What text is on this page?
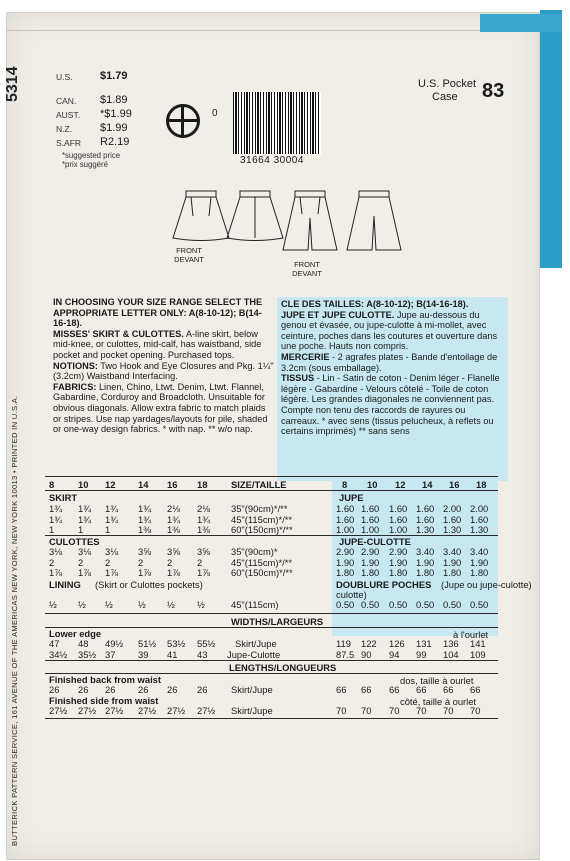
5314
BUTTERICK PATTERN SERVICE, 161 AVENUE OF THE AMERICAS NEW YORK, NEW YORK 10013 • PRINTED IN U.S.A.
U.S. $1.79
CAN. $1.89
AUST. *$1.99
N.Z.	$1.99
S.AFR R2.19
*suggested price
*prix suggéré
0
31664 30004
U.S. Pocket
Case	83
FRONT
DEVANT
FRONT
DEVANT
IN CHOOSING YOUR SIZE RANGE SELECT THE APPROPRIATE LETTER ONLY: A(8-10-12); B(14-16-18).
MISSES' SKIRT & CULOTTES. A-line skirt, below mid-knee, or culottes, mid-calf, has waistband, side pocket and pocket opening. Purchased tops.
NOTIONS: Two Hook and Eye Closures and Pkg. 1¼" (3.2cm) Waistband Interfacing.
FABRICS: Linen, Chino, Ltwt. Denim, Ltwt. Flannel, Gabardine, Corduroy and Broadcloth. Unsuitable for obvious diagonals. Allow extra fabric to match plaids or stripes. Use nap yardages/layouts for pile, shaded or one-way design fabrics. * with nap. ** w/o nap.
CLE DES TAILLES: A(8-10-12); B(14-16-18).
JUPE ET JUPE CULOTTE. Jupe au-dessous du genou et évasée, ou jupe-culotte à mi-mollet, avec ceinture, poches dans les coutures et ouverture dans une poche. Hauts non compris.
MERCERIE - 2 agrafes plates - Bande d'entoilage de 3.2cm (sous emballage).
TISSUS - Lin - Satin de coton - Denim léger - Flanelle légère - Gabardine - Velours côtelé - Toile de coton légère. Les grandes diagonales ne conviennent pas. Compte non tenu des raccords de rayures ou carreaux. * avec sens (tissus pelucheux, à reflets ou certains imprimés) ** sans sens
8	10 12 14 16 18	SIZE/TAILLE	8 10 12 14 16 18
SKIRT	JUPE
1¾ 1¾ 1¾ 1¾ 2⅛ 2⅛ 35"(90cm)*/**	1.60 1.60 1.60 1.60 2.00 2.00
1¾ 1¾ 1¾ 1¾ 1¾ 1¾ 45"(115cm)*/**	1.60 1.60 1.60 1.60 1.60 1.60
1	1 1	1⅜ 1⅜ 1⅜ 60"(150cm)*/**	1.00 1.00 1.00 1.30 1.30 1.30
CULOTTES	JUPE-CULOTTE
3⅛ 3⅛ 3⅛ 3⅝ 3⅝ 3⅝ 35"(90cm)*	2.90 2.90 2.90 3.40 3.40 3.40
2	2 2	2	2	2	45"(115cm)*/**	1.90 1.90 1.90 1.90 1.90 1.90
1⅞ 1⅞ 1⅞ 1⅞ 1⅞ 1⅞ 60"(150cm)*/**	1.80 1.80 1.80 1.80 1.80 1.80
LINING (Skirt or Culottes pockets)	DOUBLURE POCHES (Jupe ou jupe-culotte)
culotte)
½ ½ ½	½ ½ ½	45"(115cm)	0.50 0.50 0.50 0.50 0.50 0.50
WIDTHS/LARGEURS
Lower edge	à l'ourlet
47 48 49½ 51½ 53½ 55½ Skirt/Jupe	119 122 126 131 136 141
34½ 35½ 37 39 41 43 Jupe-Culotte	87.5 90 94 99 104 109
LENGTHS/LONGUEURS
Finished back from waist	dos, taille à ourlet
26 26 26 26 26 26	Skirt/Jupe	66 66 66 66 66 66
Finished side from waist	côté, taille à ourlet
27½ 27½ 27½ 27½ 27½ 27½ Skirt/Jupe	70 70 70 70 70 70
